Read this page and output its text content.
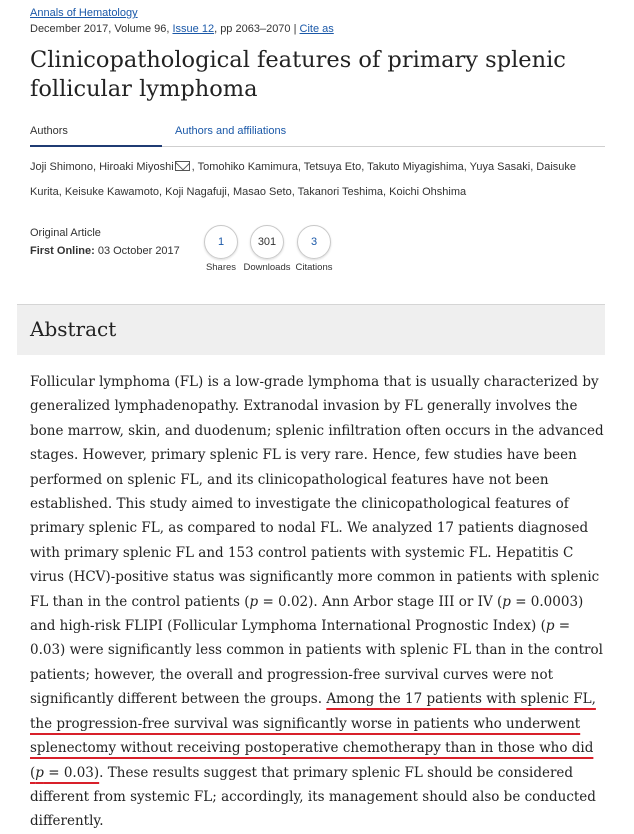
Annals of Hematology
December 2017, Volume 96, Issue 12, pp 2063–2070 | Cite as
Clinicopathological features of primary splenic follicular lymphoma
Authors	Authors and affiliations
Joji Shimono, Hiroaki Miyoshi , Tomohiko Kamimura, Tetsuya Eto, Takuto Miyagishima, Yuya Sasaki, Daisuke Kurita, Keisuke Kawamoto, Koji Nagafuji, Masao Seto, Takanori Teshima, Koichi Ohshima
Original Article
First Online: 03 October 2017
1
Shares
301
Downloads
3
Citations
Abstract

Follicular lymphoma (FL) is a low-grade lymphoma that is usually characterized by generalized lymphadenopathy. Extranodal invasion by FL generally involves the bone marrow, skin, and duodenum; splenic infiltration often occurs in the advanced stages. However, primary splenic FL is very rare. Hence, few studies have been performed on splenic FL, and its clinicopathological features have not been established. This study aimed to investigate the clinicopathological features of primary splenic FL, as compared to nodal FL. We analyzed 17 patients diagnosed with primary splenic FL and 153 control patients with systemic FL. Hepatitis C virus (HCV)-positive status was significantly more common in patients with splenic FL than in the control patients (p = 0.02). Ann Arbor stage III or IV (p = 0.0003) and high-risk FLIPI (Follicular Lymphoma International Prognostic Index) (p = 0.03) were significantly less common in patients with splenic FL than in the control patients; however, the overall and progression-free survival curves were not significantly different between the groups. Among the 17 patients with splenic FL, the progression-free survival was significantly worse in patients who underwent splenectomy without receiving postoperative chemotherapy than in those who did (p = 0.03). These results suggest that primary splenic FL should be considered different from systemic FL; accordingly, its management should also be conducted differently.
